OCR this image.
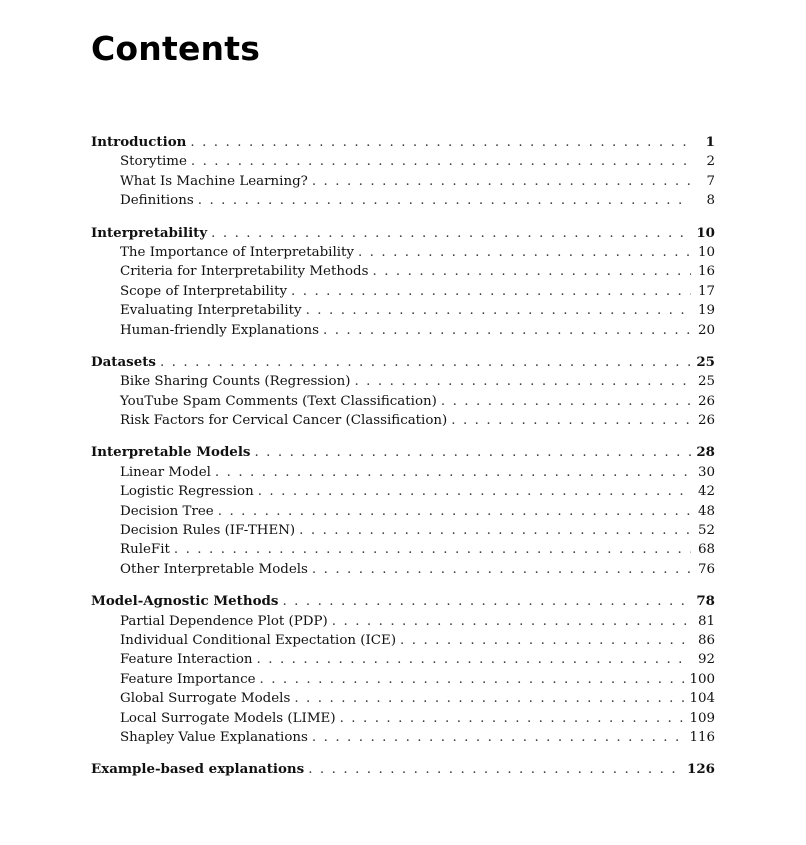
Contents
Introduction . . .	1
Storytime . . .	2
What Is Machine Learning? . . .	7
Definitions . . .	8
Interpretability . . .	10
The Importance of Interpretability . . .	10
Criteria for Interpretability Methods . . .	16
Scope of Interpretability . . .	17
Evaluating Interpretability . . .	19
Human-friendly Explanations . . .	20
Datasets . . .	25
Bike Sharing Counts (Regression) . . .	25
YouTube Spam Comments (Text Classification) . . .	26
Risk Factors for Cervical Cancer (Classification) . . .	26
Interpretable Models . . .	28
Linear Model . . .	30
Logistic Regression . . .	42
Decision Tree . . .	48
Decision Rules (IF-THEN) . . .	52
RuleFit . . .	68
Other Interpretable Models . . .	76
Model-Agnostic Methods . . .	78
Partial Dependence Plot (PDP) . . .	81
Individual Conditional Expectation (ICE) . . .	86
Feature Interaction . . .	92
Feature Importance . . .	100
Global Surrogate Models . . .	104
Local Surrogate Models (LIME) . . .	109
Shapley Value Explanations . . .	116
Example-based explanations . . .	126
